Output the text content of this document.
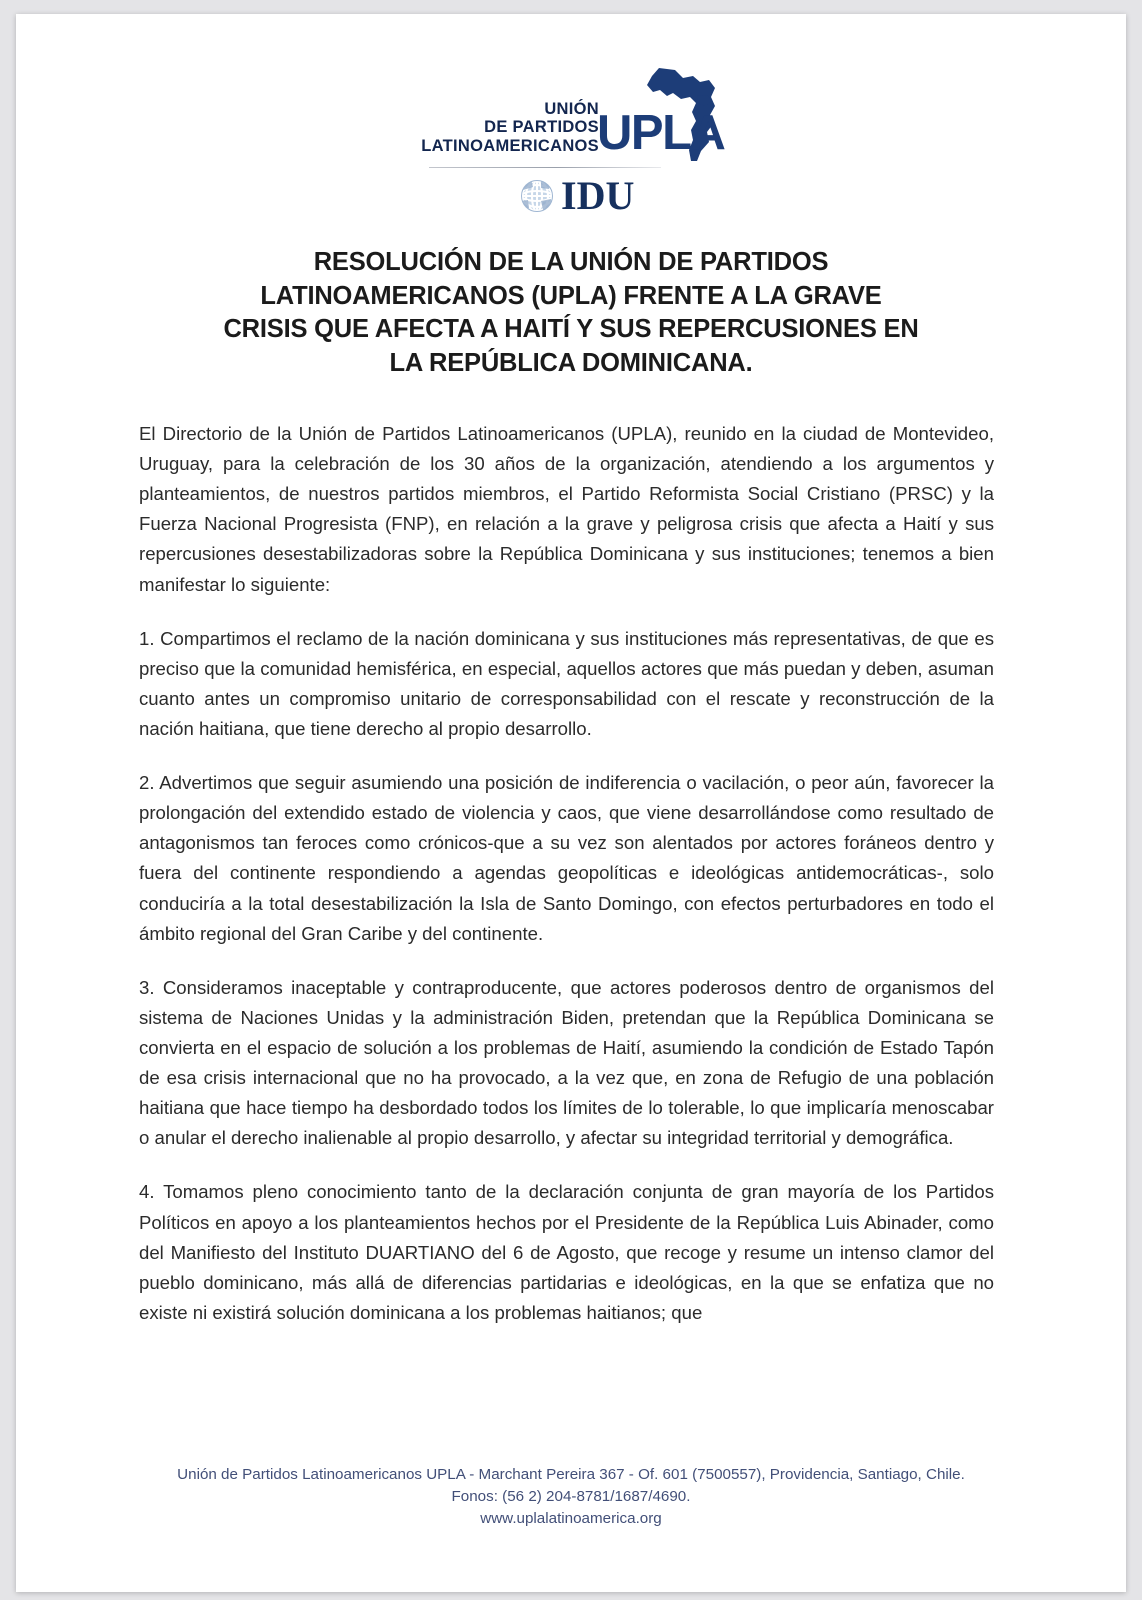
UNIÓN
DE PARTIDOS
LATINOAMERICANOS
UPLA
IDU
RESOLUCIÓN DE LA UNIÓN DE PARTIDOS
LATINOAMERICANOS (UPLA) FRENTE A LA GRAVE
CRISIS QUE AFECTA A HAITÍ Y SUS REPERCUSIONES EN
LA REPÚBLICA DOMINICANA.

El Directorio de la Unión de Partidos Latinoamericanos (UPLA), reunido en la ciudad de Montevideo, Uruguay, para la celebración de los 30 años de la organización, atendiendo a los argumentos y planteamientos, de nuestros partidos miembros, el Partido Reformista Social Cristiano (PRSC) y la Fuerza Nacional Progresista (FNP), en relación a la grave y peligrosa crisis que afecta a Haití y sus repercusiones desestabilizadoras sobre la República Dominicana y sus instituciones; tenemos a bien manifestar lo siguiente:

1. Compartimos el reclamo de la nación dominicana y sus instituciones más representativas, de que es preciso que la comunidad hemisférica, en especial, aquellos actores que más puedan y deben, asuman cuanto antes un compromiso unitario de corresponsabilidad con el rescate y reconstrucción de la nación haitiana, que tiene derecho al propio desarrollo.

2. Advertimos que seguir asumiendo una posición de indiferencia o vacilación, o peor aún, favorecer la prolongación del extendido estado de violencia y caos, que viene desarrollándose como resultado de antagonismos tan feroces como crónicos-que a su vez son alentados por actores foráneos dentro y fuera del continente respondiendo a agendas geopolíticas e ideológicas antidemocráticas-, solo conduciría a la total desestabilización la Isla de Santo Domingo, con efectos perturbadores en todo el ámbito regional del Gran Caribe y del continente.

3. Consideramos inaceptable y contraproducente, que actores poderosos dentro de organismos del sistema de Naciones Unidas y la administración Biden, pretendan que la República Dominicana se convierta en el espacio de solución a los problemas de Haití, asumiendo la condición de Estado Tapón de esa crisis internacional que no ha provocado, a la vez que, en zona de Refugio de una población haitiana que hace tiempo ha desbordado todos los límites de lo tolerable, lo que implicaría menoscabar o anular el derecho inalienable al propio desarrollo, y afectar su integridad territorial y demográfica.

4. Tomamos pleno conocimiento tanto de la declaración conjunta de gran mayoría de los Partidos Políticos en apoyo a los planteamientos hechos por el Presidente de la República Luis Abinader, como del Manifiesto del Instituto DUARTIANO del 6 de Agosto, que recoge y resume un intenso clamor del pueblo dominicano, más allá de diferencias partidarias e ideológicas, en la que se enfatiza que no existe ni existirá solución dominicana a los problemas haitianos; que

Unión de Partidos Latinoamericanos UPLA - Marchant Pereira 367 - Of. 601 (7500557), Providencia, Santiago, Chile.
Fonos: (56 2) 204-8781/1687/4690.
www.uplalatinoamerica.org
